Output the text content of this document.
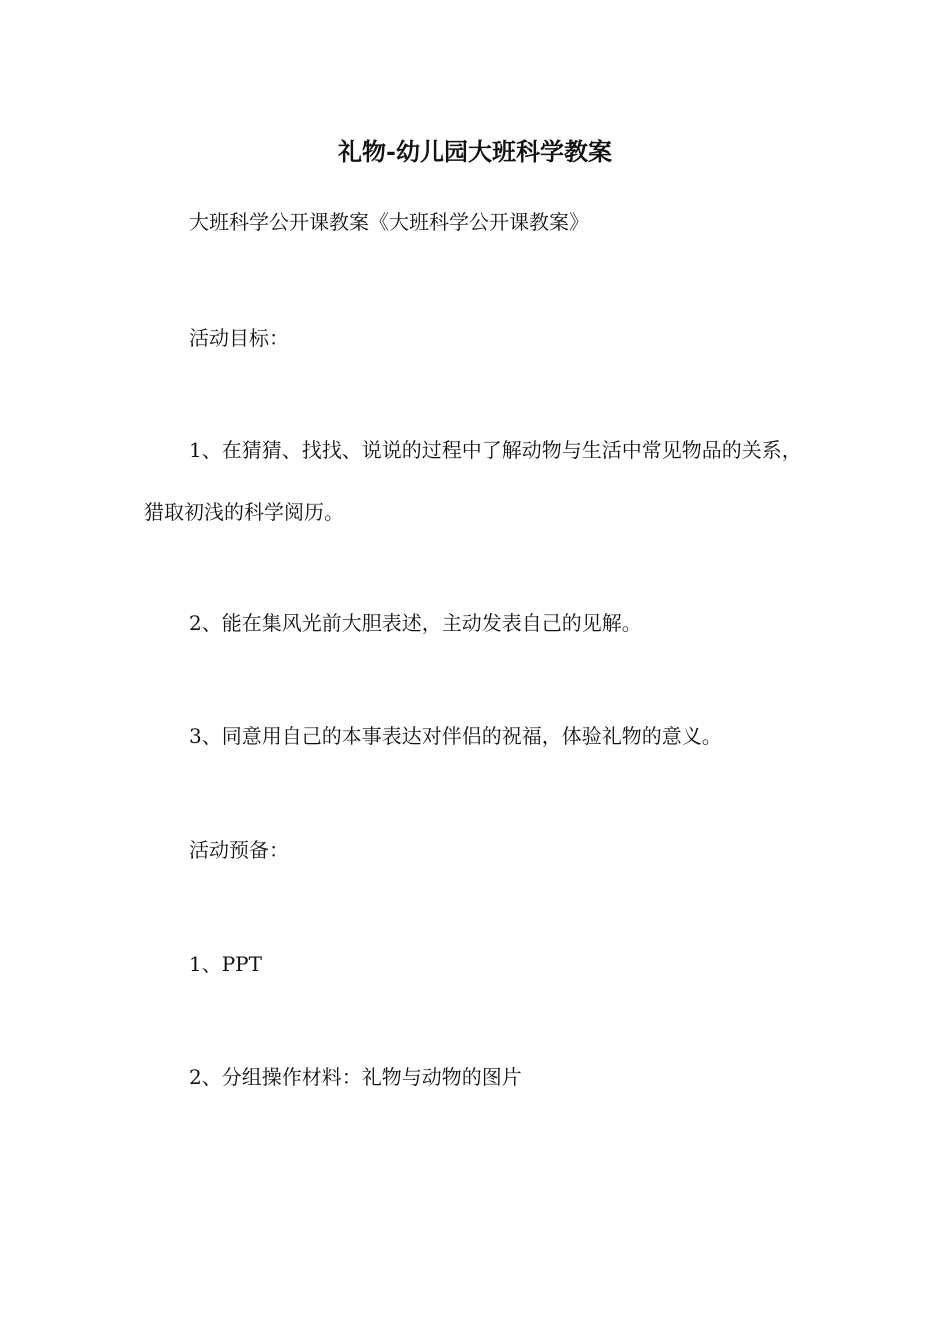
礼物-幼儿园大班科学教案
大班科学公开课教案《大班科学公开课教案》
活动目标：
1、在猜猜、找找、说说的过程中了解动物与生活中常见物品的关系，猎取初浅的科学阅历。
2、能在集风光前大胆表述，主动发表自己的见解。
3、同意用自己的本事表达对伴侣的祝福，体验礼物的意义。
活动预备：
1、PPT
2、分组操作材料：礼物与动物的图片
